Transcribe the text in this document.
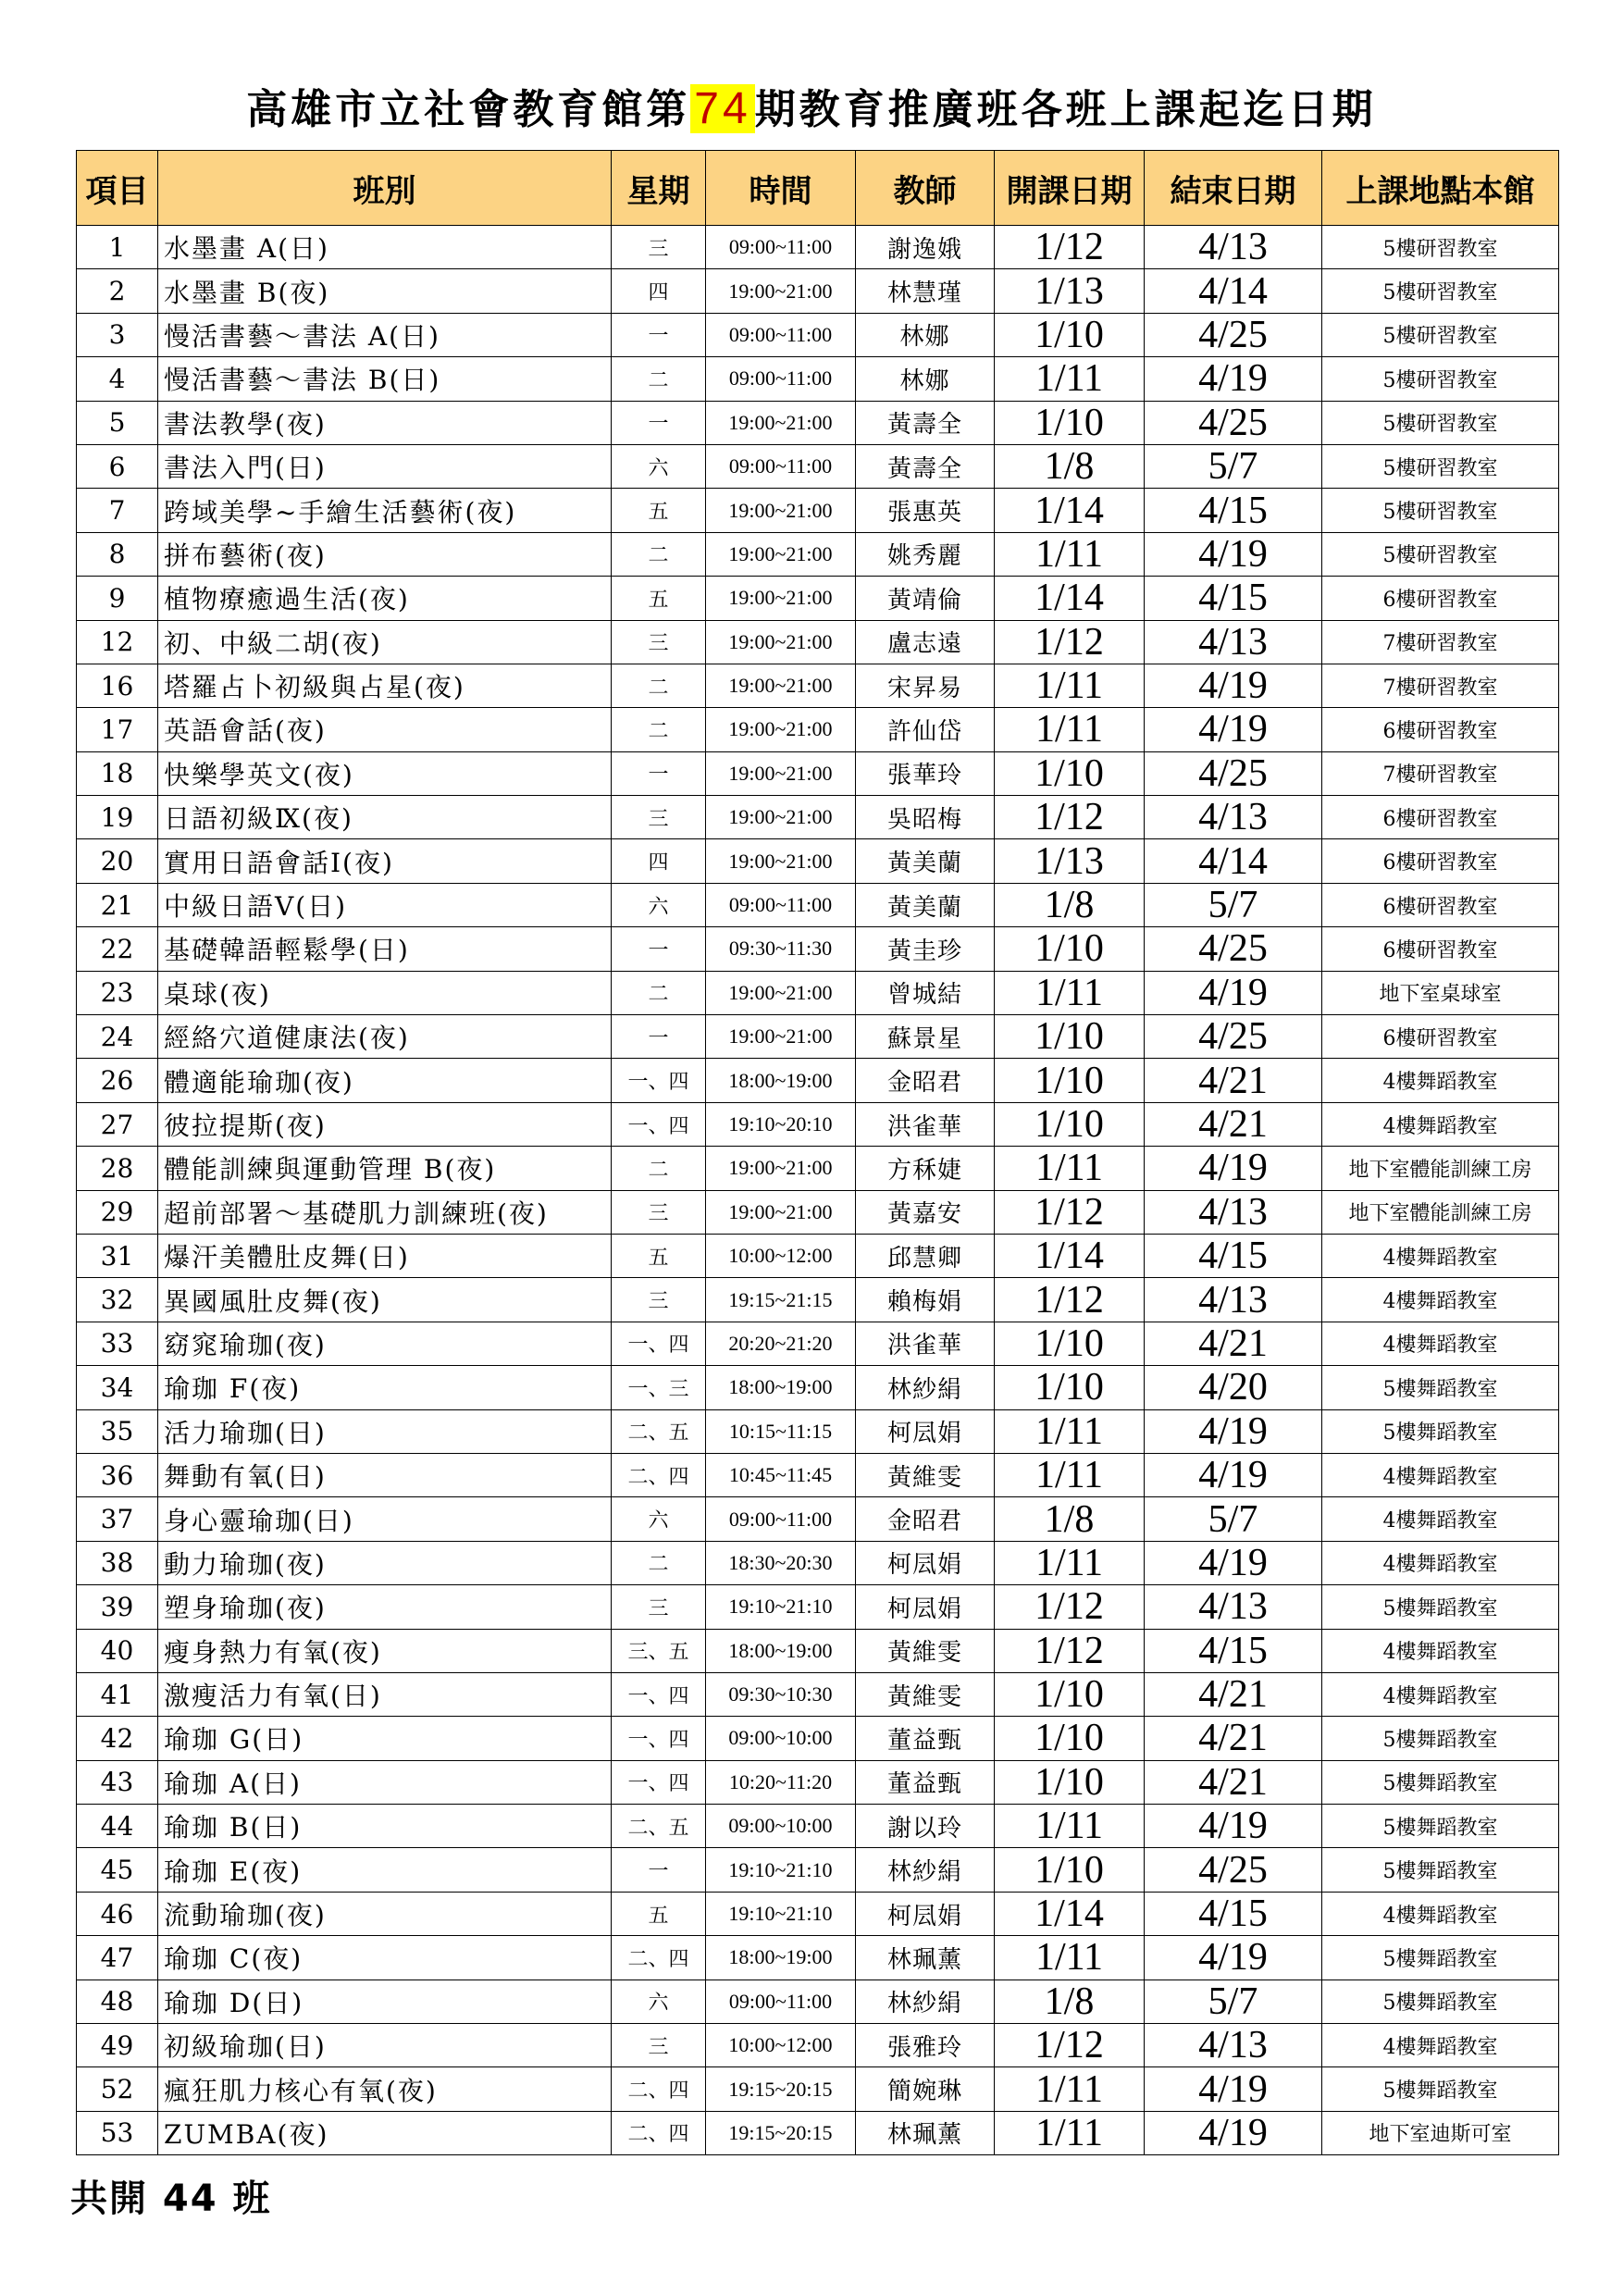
高雄市立社會教育館第74期教育推廣班各班上課起迄日期
項目	班別	星期	時間	教師	開課日期	結束日期	上課地點本館
1	水墨畫 A(日)	三	09:00~11:00	謝逸娥	1/12	4/13	5樓研習教室
2	水墨畫 B(夜)	四	19:00~21:00	林慧瑾	1/13	4/14	5樓研習教室
3	慢活書藝～書法 A(日)	一	09:00~11:00	林娜	1/10	4/25	5樓研習教室
4	慢活書藝～書法 B(日)	二	09:00~11:00	林娜	1/11	4/19	5樓研習教室
5	書法教學(夜)	一	19:00~21:00	黃壽全	1/10	4/25	5樓研習教室
6	書法入門(日)	六	09:00~11:00	黃壽全	1/8	5/7	5樓研習教室
7	跨域美學~手繪生活藝術(夜)	五	19:00~21:00	張惠英	1/14	4/15	5樓研習教室
8	拼布藝術(夜)	二	19:00~21:00	姚秀麗	1/11	4/19	5樓研習教室
9	植物療癒過生活(夜)	五	19:00~21:00	黃靖倫	1/14	4/15	6樓研習教室
12	初、中級二胡(夜)	三	19:00~21:00	盧志遠	1/12	4/13	7樓研習教室
16	塔羅占卜初級與占星(夜)	二	19:00~21:00	宋昇易	1/11	4/19	7樓研習教室
17	英語會話(夜)	二	19:00~21:00	許仙岱	1/11	4/19	6樓研習教室
18	快樂學英文(夜)	一	19:00~21:00	張華玲	1/10	4/25	7樓研習教室
19	日語初級Ⅸ(夜)	三	19:00~21:00	吳昭梅	1/12	4/13	6樓研習教室
20	實用日語會話Ⅰ(夜)	四	19:00~21:00	黃美蘭	1/13	4/14	6樓研習教室
21	中級日語Ⅴ(日)	六	09:00~11:00	黃美蘭	1/8	5/7	6樓研習教室
22	基礎韓語輕鬆學(日)	一	09:30~11:30	黃圭珍	1/10	4/25	6樓研習教室
23	桌球(夜)	二	19:00~21:00	曾城結	1/11	4/19	地下室桌球室
24	經絡穴道健康法(夜)	一	19:00~21:00	蘇景星	1/10	4/25	6樓研習教室
26	體適能瑜珈(夜)	一、四	18:00~19:00	金昭君	1/10	4/21	4樓舞蹈教室
27	彼拉提斯(夜)	一、四	19:10~20:10	洪雀華	1/10	4/21	4樓舞蹈教室
28	體能訓練與運動管理 B(夜)	二	19:00~21:00	方秝婕	1/11	4/19	地下室體能訓練工房
29	超前部署～基礎肌力訓練班(夜)	三	19:00~21:00	黃嘉安	1/12	4/13	地下室體能訓練工房
31	爆汗美體肚皮舞(日)	五	10:00~12:00	邱慧卿	1/14	4/15	4樓舞蹈教室
32	異國風肚皮舞(夜)	三	19:15~21:15	賴梅娟	1/12	4/13	4樓舞蹈教室
33	窈窕瑜珈(夜)	一、四	20:20~21:20	洪雀華	1/10	4/21	4樓舞蹈教室
34	瑜珈 F(夜)	一、三	18:00~19:00	林紗絹	1/10	4/20	5樓舞蹈教室
35	活力瑜珈(日)	二、五	10:15~11:15	柯凨娟	1/11	4/19	5樓舞蹈教室
36	舞動有氧(日)	二、四	10:45~11:45	黃維雯	1/11	4/19	4樓舞蹈教室
37	身心靈瑜珈(日)	六	09:00~11:00	金昭君	1/8	5/7	4樓舞蹈教室
38	動力瑜珈(夜)	二	18:30~20:30	柯凨娟	1/11	4/19	4樓舞蹈教室
39	塑身瑜珈(夜)	三	19:10~21:10	柯凨娟	1/12	4/13	5樓舞蹈教室
40	瘦身熱力有氧(夜)	三、五	18:00~19:00	黃維雯	1/12	4/15	4樓舞蹈教室
41	激瘦活力有氧(日)	一、四	09:30~10:30	黃維雯	1/10	4/21	4樓舞蹈教室
42	瑜珈 G(日)	一、四	09:00~10:00	董益甄	1/10	4/21	5樓舞蹈教室
43	瑜珈 A(日)	一、四	10:20~11:20	董益甄	1/10	4/21	5樓舞蹈教室
44	瑜珈 B(日)	二、五	09:00~10:00	謝以玲	1/11	4/19	5樓舞蹈教室
45	瑜珈 E(夜)	一	19:10~21:10	林紗絹	1/10	4/25	5樓舞蹈教室
46	流動瑜珈(夜)	五	19:10~21:10	柯凨娟	1/14	4/15	4樓舞蹈教室
47	瑜珈 C(夜)	二、四	18:00~19:00	林珮薰	1/11	4/19	5樓舞蹈教室
48	瑜珈 D(日)	六	09:00~11:00	林紗絹	1/8	5/7	5樓舞蹈教室
49	初級瑜珈(日)	三	10:00~12:00	張雅玲	1/12	4/13	4樓舞蹈教室
52	瘋狂肌力核心有氧(夜)	二、四	19:15~20:15	簡婉琳	1/11	4/19	5樓舞蹈教室
53	ZUMBA(夜)	二、四	19:15~20:15	林珮薰	1/11	4/19	地下室迪斯可室
共開 44 班
